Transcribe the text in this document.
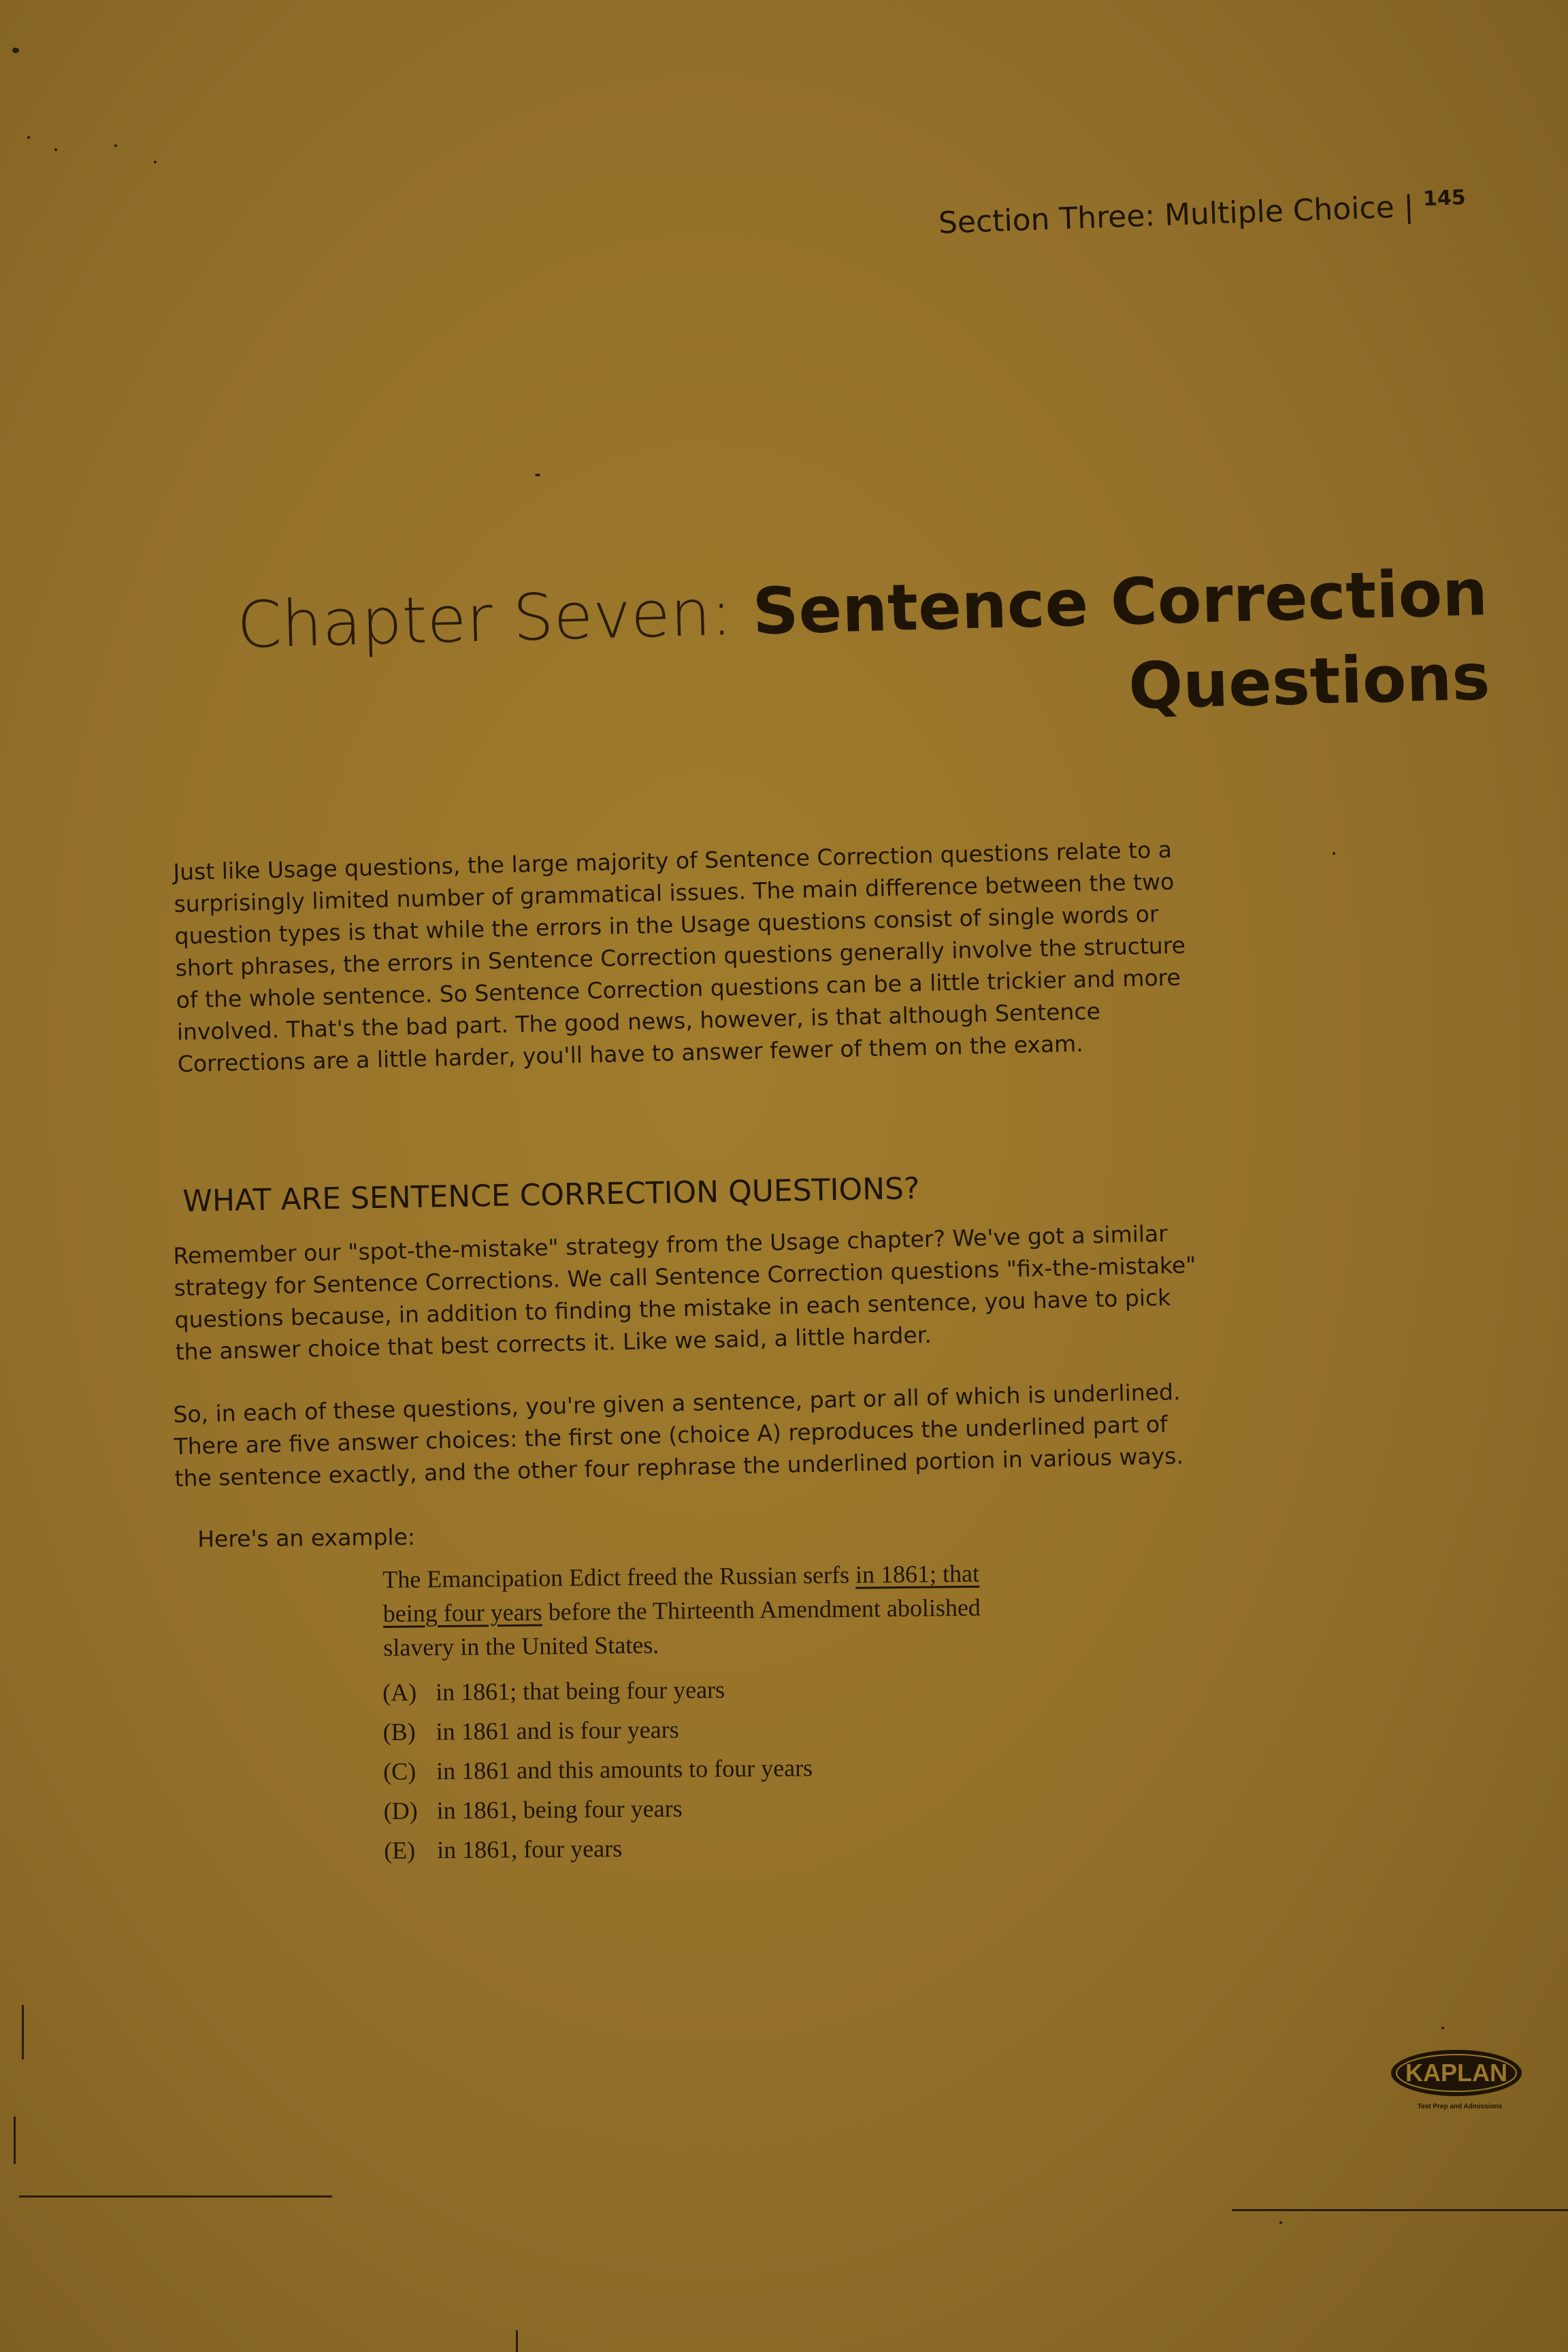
Section Three: Multiple Choice | $^{145}$
Chapter Seven: Sentence Correction
Questions
Just like Usage questions, the large majority of Sentence Correction questions relate to a surprisingly limited number of grammatical issues. The main difference between the two question types is that while the errors in the Usage questions consist of single words or short phrases, the errors in Sentence Correction questions generally involve the structure of the whole sentence. So Sentence Correction questions can be a little trickier and more involved. That's the bad part. The good news, however, is that although Sentence Corrections are a little harder, you'll have to answer fewer of them on the exam.
WHAT ARE SENTENCE CORRECTION QUESTIONS?
Remember our "spot-the-mistake" strategy from the Usage chapter? We've got a similar strategy for Sentence Corrections. We call Sentence Correction questions "fix-the-mistake" questions because, in addition to finding the mistake in each sentence, you have to pick the answer choice that best corrects it. Like we said, a little harder.
So, in each of these questions, you're given a sentence, part or all of which is underlined. There are five answer choices: the first one (choice A) reproduces the underlined part of the sentence exactly, and the other four rephrase the underlined portion in various ways.
Here's an example:
The Emancipation Edict freed the Russian serfs in 1861; that being four years before the Thirteenth Amendment abolished slavery in the United States.
(A) in 1861; that being four years
(B) in 1861 and is four years
(C) in 1861 and this amounts to four years
(D) in 1861, being four years
(E) in 1861, four years
KAPLAN
Test Prep and Admissions
